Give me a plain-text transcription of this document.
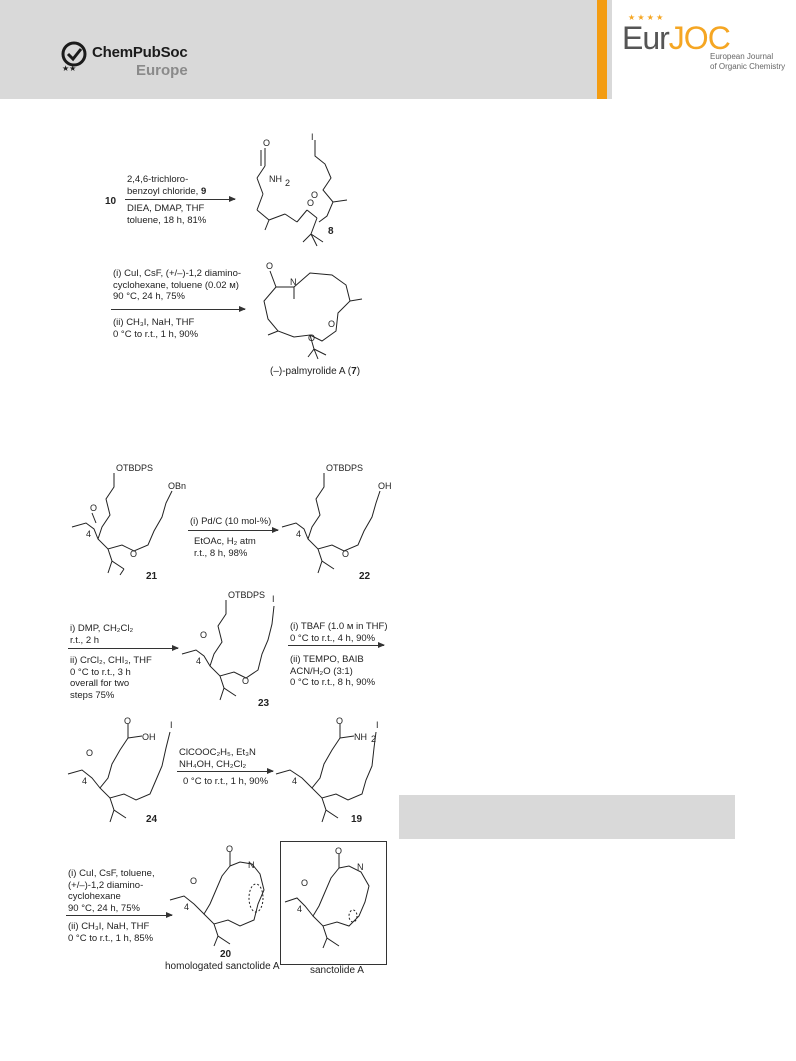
★★
ChemPubSoc
Europe
★ ★ ★ ★
EurJOC
European Journal
of Organic Chemistry
10
2,4,6-trichloro-
benzoyl chloride, 9
DIEA, DMAP, THF
toluene, 18 h, 81%
O
NH 2
I
O
O
8
(i) CuI, CsF, (+/–)-1,2 diamino-
cyclohexane, toluene (0.02 м)
90 °C, 24 h, 75%
(ii) CH₃I, NaH, THF
0 °C to r.t., 1 h, 90%
O
N
O
O
(–)-palmyrolide A (7)
OTBDPS
OBn
O
4
O
21
(i) Pd/C (10 mol-%)
EtOAc, H₂ atm
r.t., 8 h, 98%
OTBDPS
OH
4
O
22
i) DMP, CH₂Cl₂
r.t., 2 h
ii) CrCl₂, CHI₃, THF
0 °C to r.t., 3 h
overall for two
steps 75%
OTBDPS I
O
4
O
23
(i) TBAF (1.0 м in THF)
0 °C to r.t., 4 h, 90%
(ii) TEMPO, BAIB
ACN/H₂O (3:1)
0 °C to r.t., 8 h, 90%
O
OH
I
O
4
24
ClCOOC₂H₅, Et₃N
NH₄OH, CH₂Cl₂
0 °C to r.t., 1 h, 90%
O
NH 2
I
4
19
(i) CuI, CsF, toluene,
(+/–)-1,2 diamino-
cyclohexane
90 °C, 24 h, 75%
(ii) CH₃I, NaH, THF
0 °C to r.t., 1 h, 85%
O
N
O
4
20
homologated sanctolide A
O
N
O
4
sanctolide A
